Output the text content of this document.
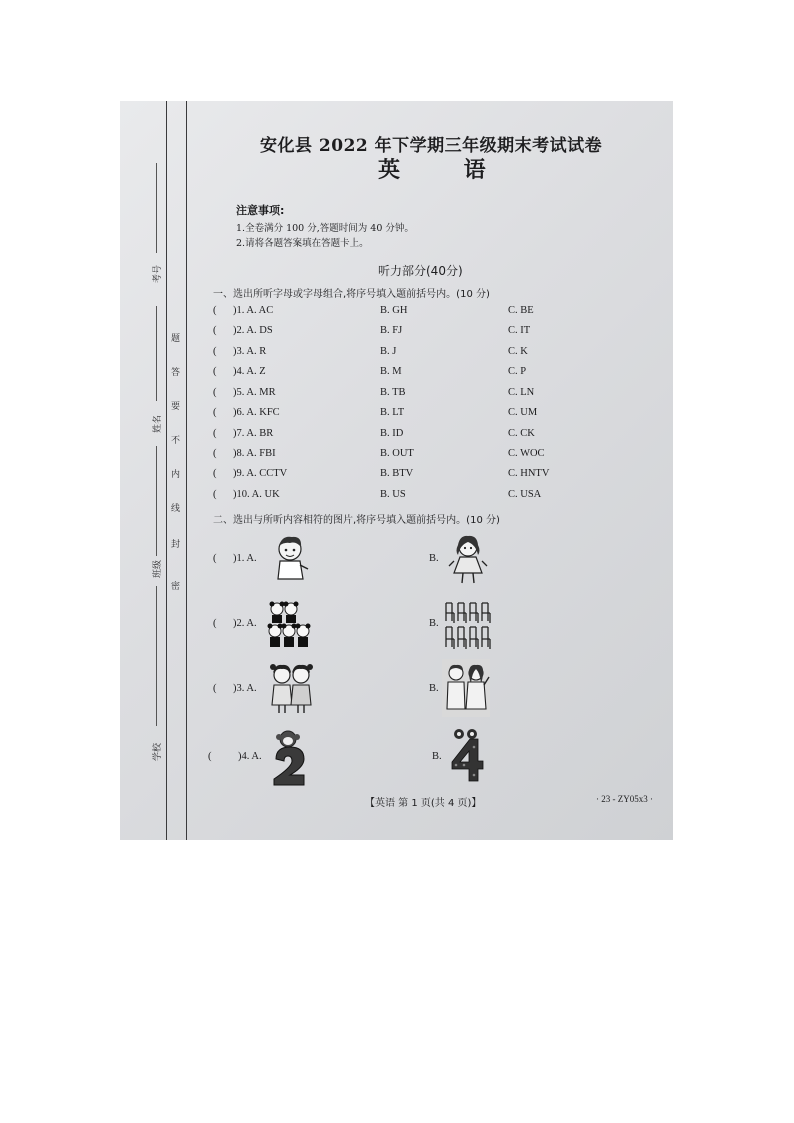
考号
姓名
班级
学校
密
封
线
内
不
要
答
题
安化县 2022 年下学期三年级期末考试试卷
英 语
注意事项:
1.全卷满分 100 分,答题时间为 40 分钟。
2.请将各题答案填在答题卡上。
听力部分(40分)
一、选出所听字母或字母组合,将序号填入题前括号内。(10 分)
( )1. A. AC	B. GH	C. BE
( )2. A. DS	B. FJ	C. IT
( )3. A. R	B. J	C. K
( )4. A. Z	B. M	C. P
( )5. A. MR	B. TB	C. LN
( )6. A. KFC	B. LT	C. UM
( )7. A. BR	B. ID	C. CK
( )8. A. FBI	B. OUT	C. WOC
( )9. A. CCTV	B. BTV	C. HNTV
( )10. A. UK	B. US	C. USA
二、选出与所听内容相符的图片,将序号填入题前括号内。(10 分)
( )1. A.	B.
( )2. A.	B.
( )3. A.	B.
(	)4. A.	B.
【英语 第 1 页(共 4 页)】	· 23 - ZY05x3 ·
